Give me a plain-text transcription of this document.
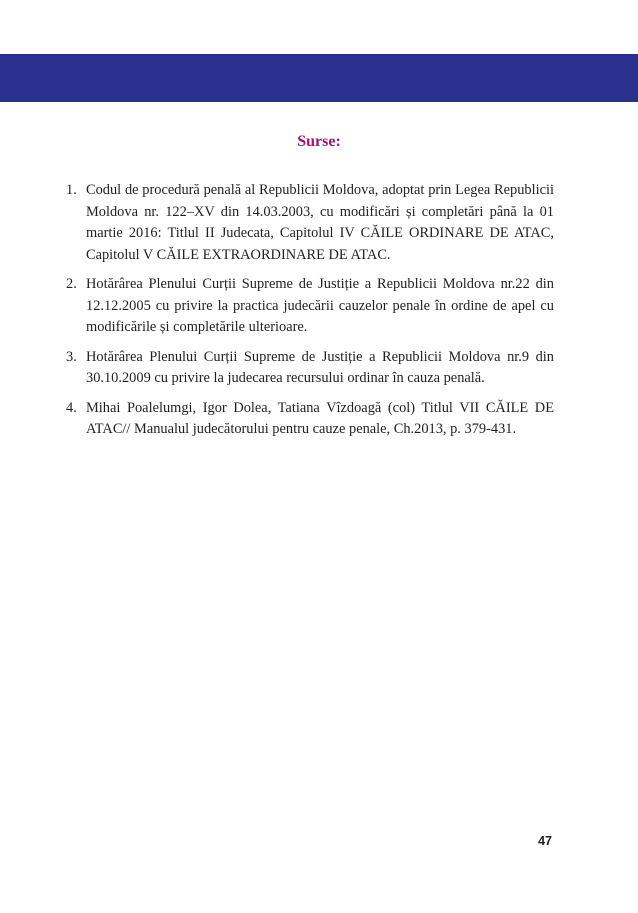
Surse:
1. Codul de procedură penală al Republicii Moldova, adoptat prin Legea Republicii Moldova nr. 122–XV din 14.03.2003, cu modificări și completări până la 01 martie 2016: Titlul II Judecata, Capitolul IV CĂILE ORDINARE DE ATAC, Capitolul V CĂILE EXTRAORDINARE DE ATAC.
2. Hotărârea Plenului Curții Supreme de Justiție a Republicii Moldova nr.22 din 12.12.2005 cu privire la practica judecării cauzelor penale în ordine de apel cu modificările și completările ulterioare.
3. Hotărârea Plenului Curții Supreme de Justiție a Republicii Moldova nr.9 din 30.10.2009 cu privire la judecarea recursului ordinar în cauza penală.
4. Mihai Poalelumgi, Igor Dolea, Tatiana Vîzdoagă (col) Titlul VII CĂILE DE ATAC// Manualul judecătorului pentru cauze penale, Ch.2013, p. 379-431.
47
